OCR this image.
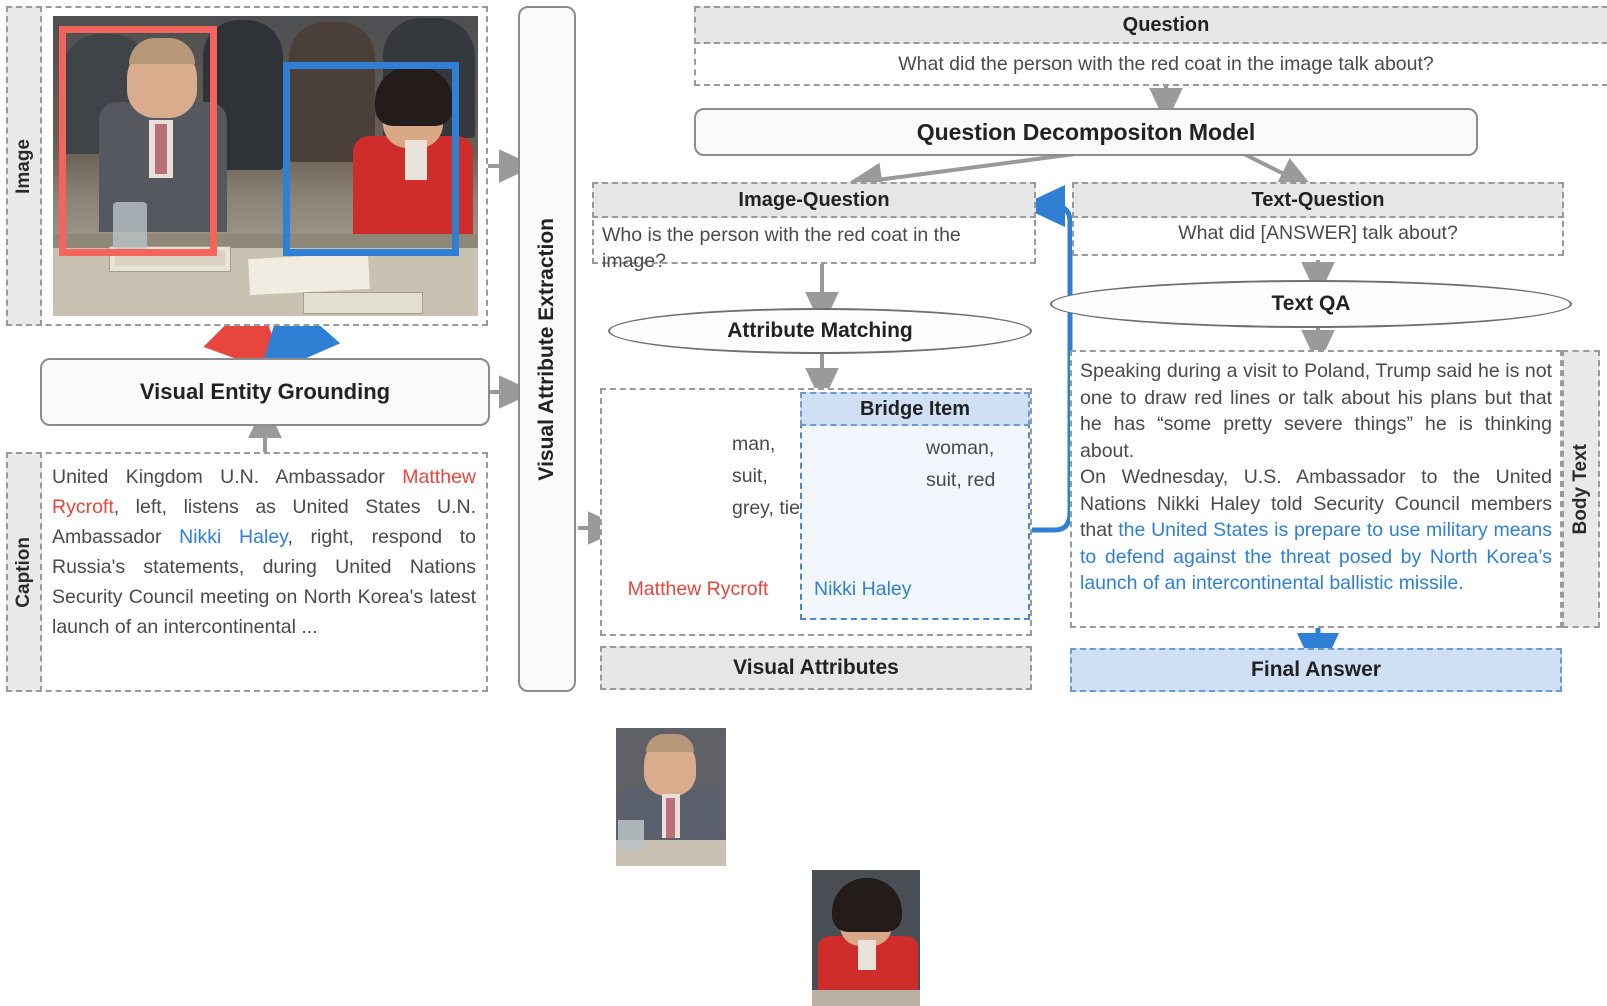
Image
Visual Entity Grounding
Caption
United Kingdom U.N. Ambassador Matthew Rycroft, left, listens as United States U.N. Ambassador Nikki Haley, right, respond to Russia's statements, during United Nations Security Council meeting on North Korea's latest launch of an intercontinental ...
Visual Attribute Extraction
Question
What did the person with the red coat in the image talk about?
Question Decompositon Model
Image-Question
Who is the person with the red coat in the image?
Text-Question
What did [ANSWER] talk about?
Attribute Matching
Text QA
man, suit, grey, tie
Matthew Rycroft
Bridge Item
woman, suit, red
Nikki Haley
Visual Attributes
Body Text
Speaking during a visit to Poland, Trump said he is not one to draw red lines or talk about his plans but that he has “some pretty severe things” he is thinking about.
On Wednesday, U.S. Ambassador to the United Nations Nikki Haley told Security Council members that the United States is prepare to use military means to defend against the threat posed by North Korea’s launch of an intercontinental ballistic missile.
Final Answer
